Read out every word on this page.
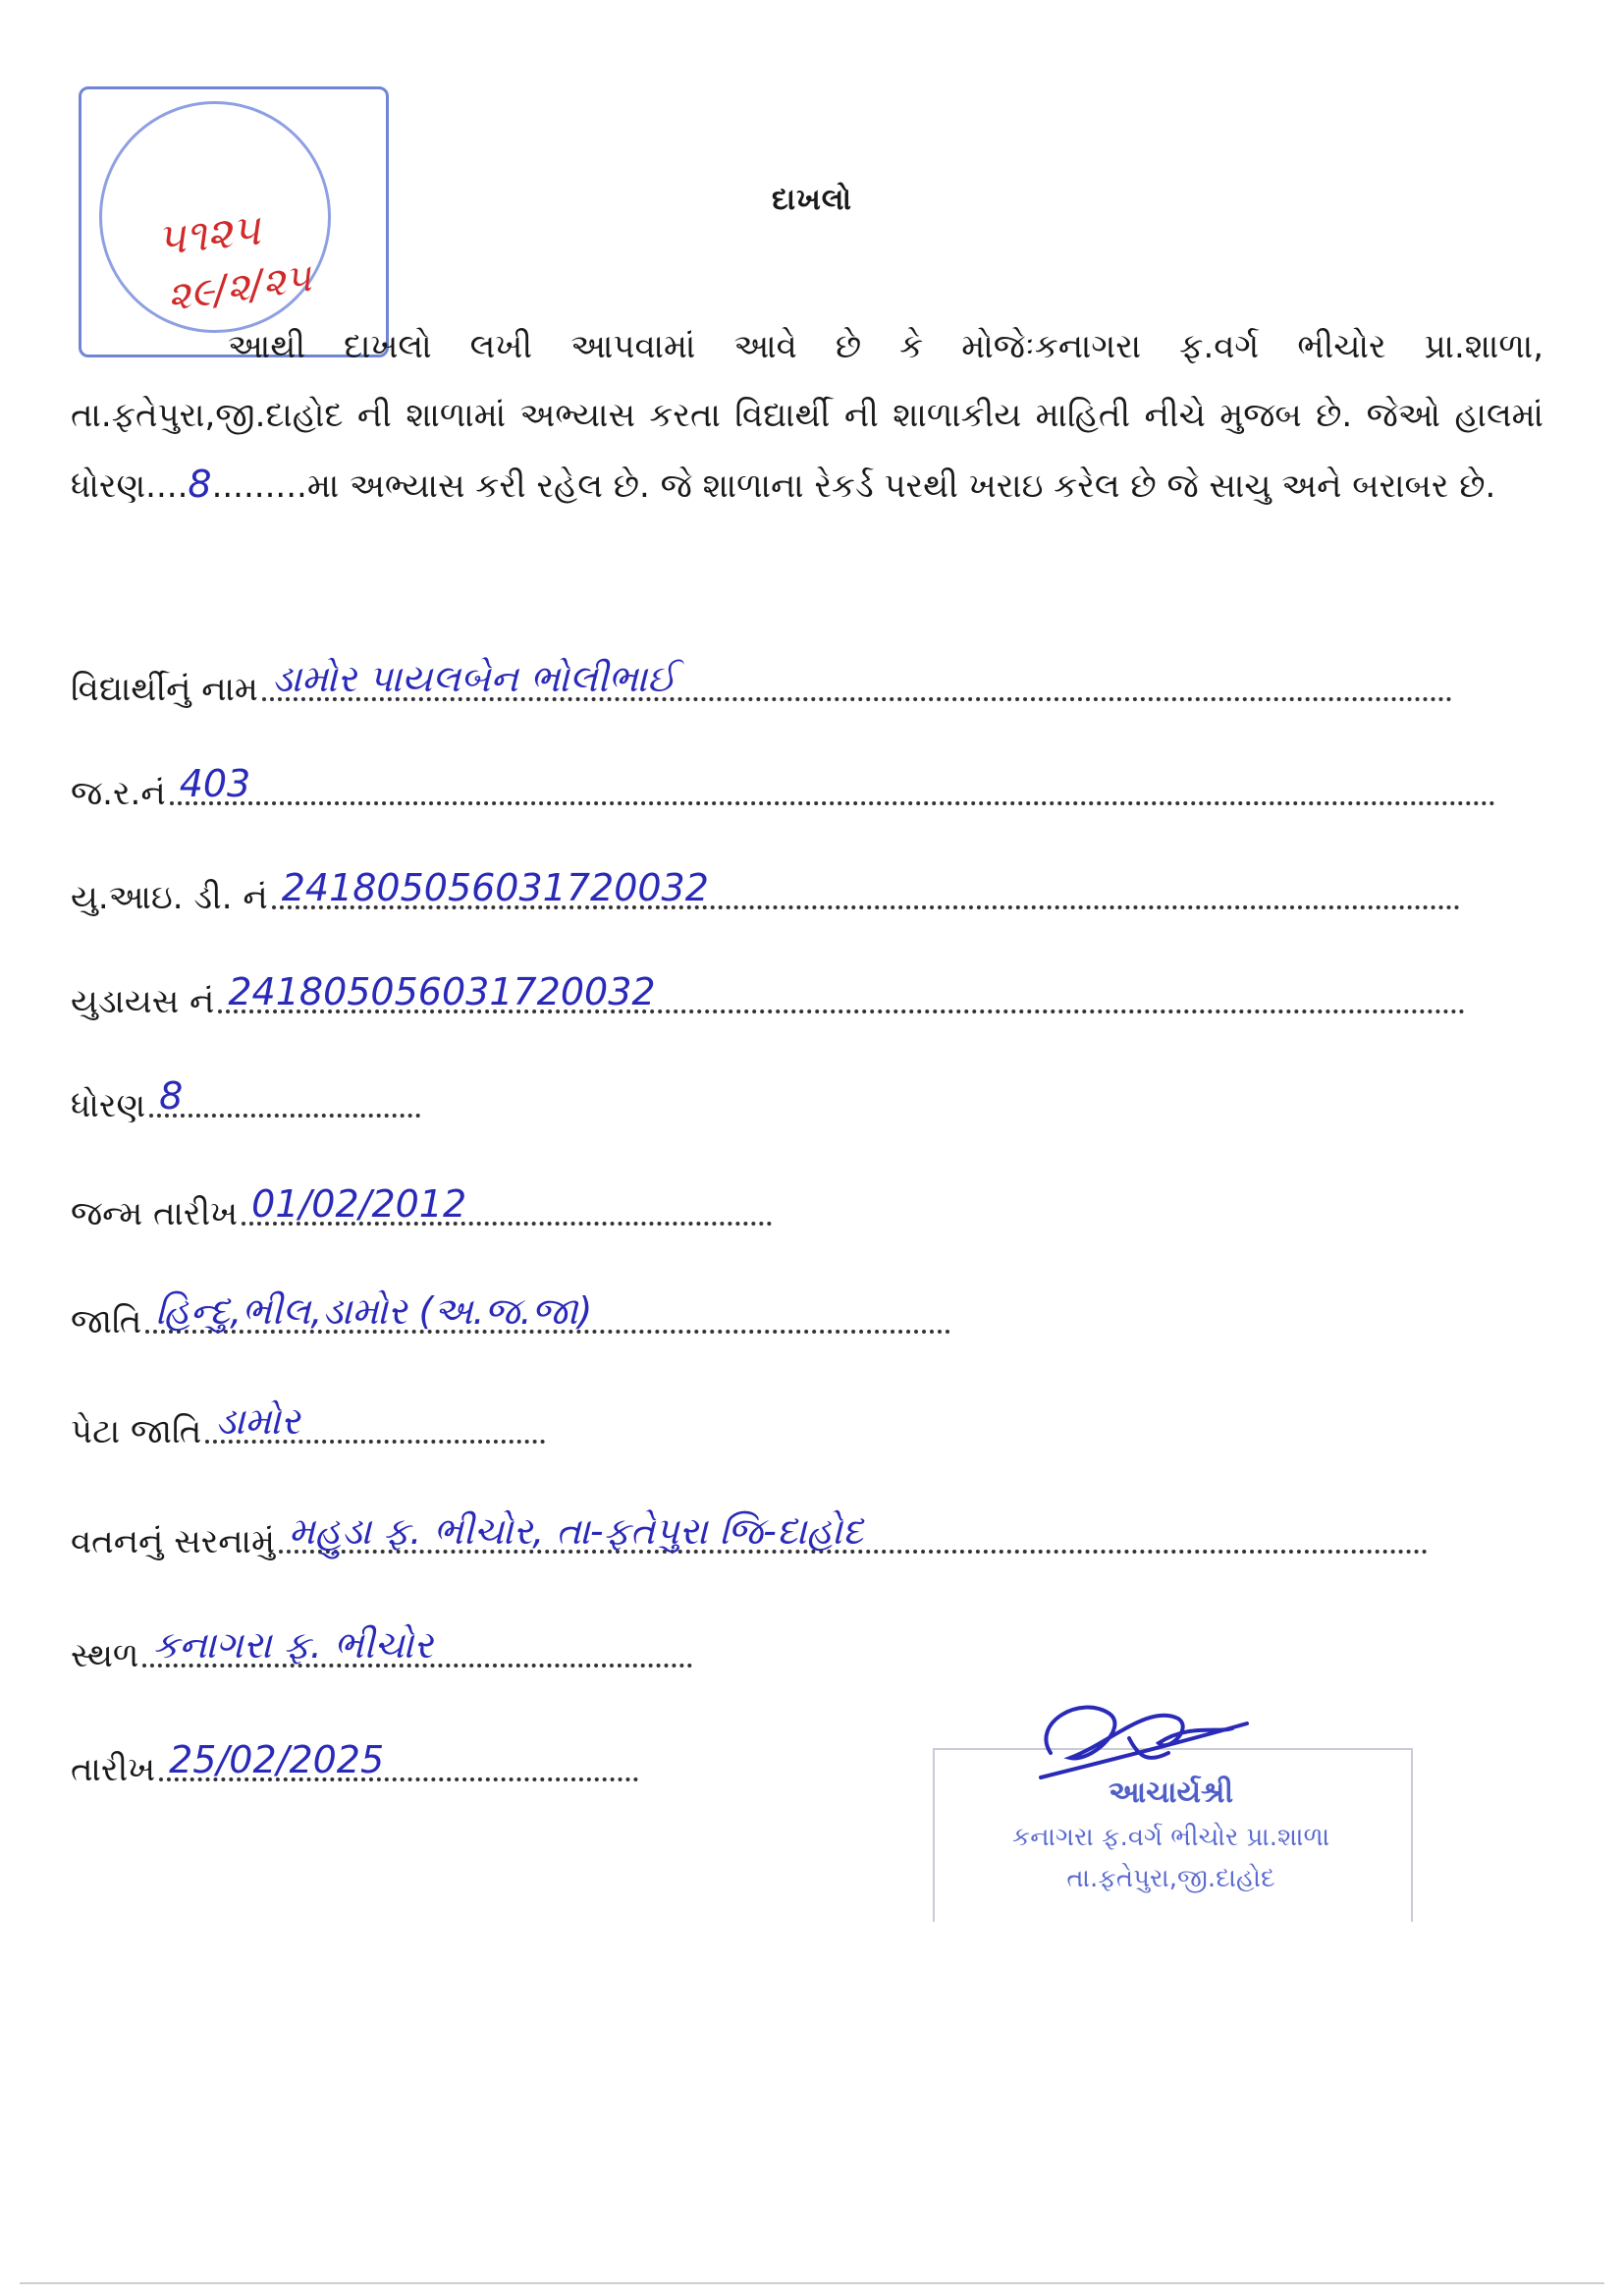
૫૧૨૫
૨૯/૨/૨૫
દાખલો
આથી દાખલો લખી આપવામાં આવે છે કે મોજેઃકનાગરા ફ.વર્ગ ભીચોર પ્રા.શાળા, તા.ફતેપુરા,જી.દાહોદ ની શાળામાં અભ્યાસ કરતા વિદ્યાર્થી ની શાળાકીય માહિતી નીચે મુજબ છે. જેઓ હાલમાં ધોરણ....8.........મા અભ્યાસ કરી રહેલ છે. જે શાળાના રેકર્ડ પરથી ખરાઇ કરેલ છે જે સાચુ અને બરાબર છે.
વિદ્યાર્થીનું નામ ડામોર પાયલબેન ભોલીભાઈ
જ.ર.નં 403
યુ.આઇ. ડી. નં 241805056031720032
યુડાયસ નં 241805056031720032
ધોરણ 8
જન્મ તારીખ 01/02/2012
જાતિ હિન્દુ,ભીલ,ડામોર (અ.જ.જા)
પેટા જાતિ ડામોર
વતનનું સરનામું મહુડા ફ. ભીચોર, તા-ફતેપુરા જિ-દાહોદ
સ્થળ કનાગરા ફ. ભીચોર
તારીખ 25/02/2025
આચાર્યશ્રી
કનાગરા ફ.વર્ગ ભીચોર પ્રા.શાળા
તા.ફતેપુરા,જી.દાહોદ
